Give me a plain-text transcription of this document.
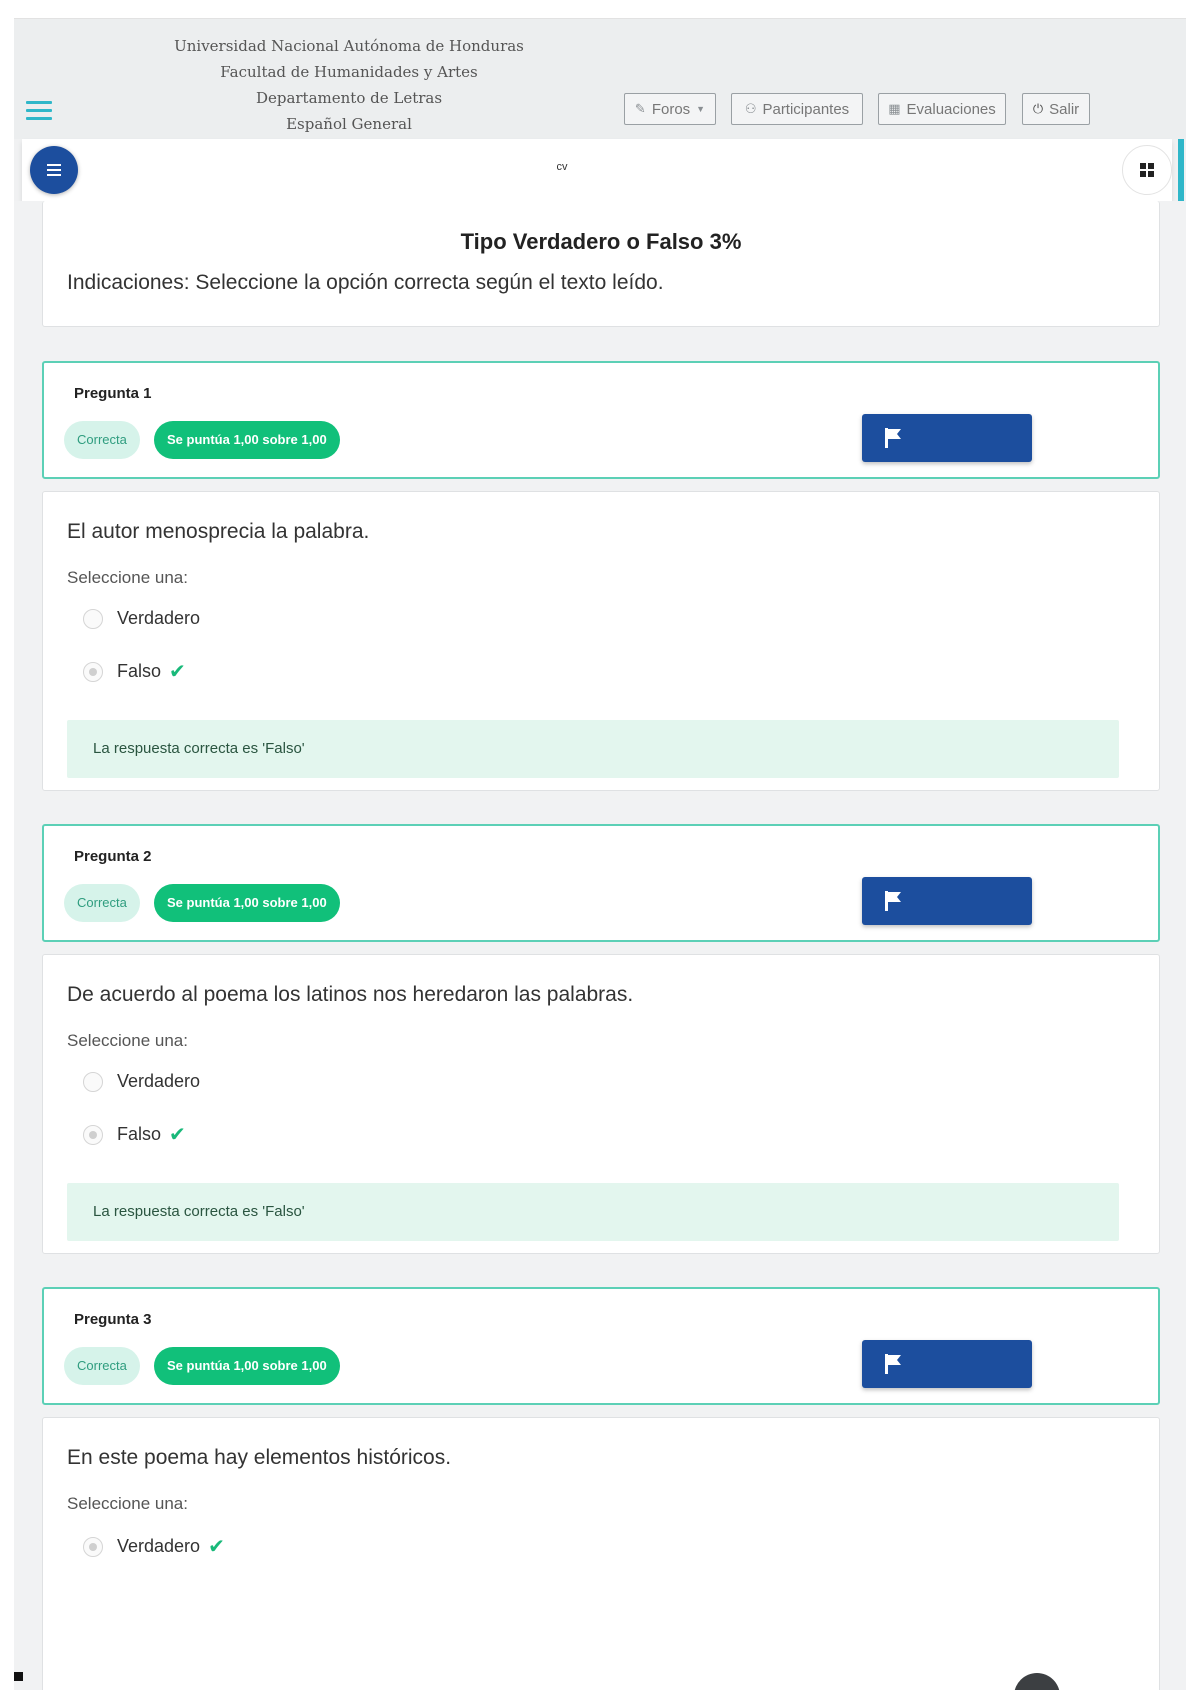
Universidad Nacional Autónoma de Honduras
Facultad de Humanidades y Artes
Departamento de Letras
Español General
✎ Foros ▼	⚇ Participantes	▦ Evaluaciones	⏻ Salir
cv
Tipo Verdadero o Falso 3%
Indicaciones: Seleccione la opción correcta según el texto leído.
Pregunta 1
Correcta	Se puntúa 1,00 sobre 1,00
El autor menosprecia la palabra.
Seleccione una:
Verdadero
Falso ✔
La respuesta correcta es 'Falso'
Pregunta 2
Correcta	Se puntúa 1,00 sobre 1,00
De acuerdo al poema los latinos nos heredaron las palabras.
Seleccione una:
Verdadero
Falso ✔
La respuesta correcta es 'Falso'
Pregunta 3
Correcta	Se puntúa 1,00 sobre 1,00
En este poema hay elementos históricos.
Seleccione una:
Verdadero ✔
